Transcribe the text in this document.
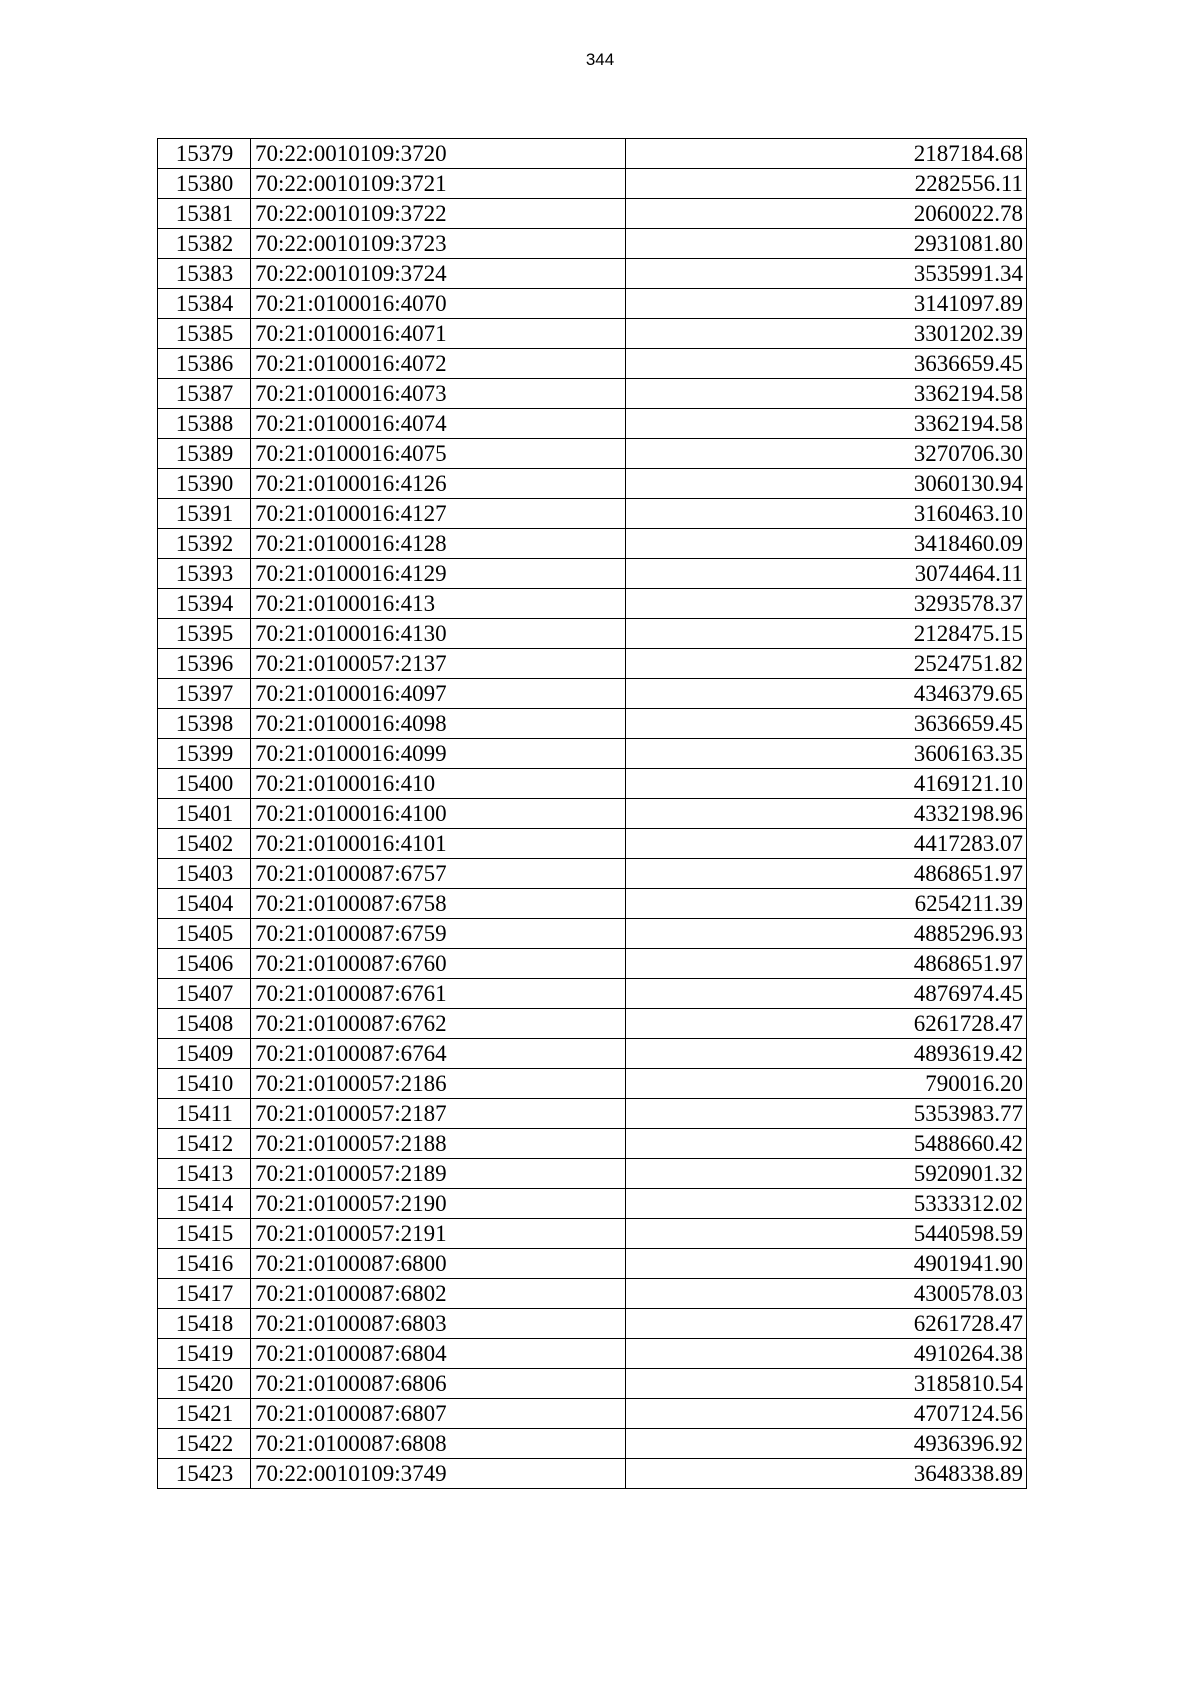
344
15379	70:22:0010109:3720	2187184.68
15380	70:22:0010109:3721	2282556.11
15381	70:22:0010109:3722	2060022.78
15382	70:22:0010109:3723	2931081.80
15383	70:22:0010109:3724	3535991.34
15384	70:21:0100016:4070	3141097.89
15385	70:21:0100016:4071	3301202.39
15386	70:21:0100016:4072	3636659.45
15387	70:21:0100016:4073	3362194.58
15388	70:21:0100016:4074	3362194.58
15389	70:21:0100016:4075	3270706.30
15390	70:21:0100016:4126	3060130.94
15391	70:21:0100016:4127	3160463.10
15392	70:21:0100016:4128	3418460.09
15393	70:21:0100016:4129	3074464.11
15394	70:21:0100016:413	3293578.37
15395	70:21:0100016:4130	2128475.15
15396	70:21:0100057:2137	2524751.82
15397	70:21:0100016:4097	4346379.65
15398	70:21:0100016:4098	3636659.45
15399	70:21:0100016:4099	3606163.35
15400	70:21:0100016:410	4169121.10
15401	70:21:0100016:4100	4332198.96
15402	70:21:0100016:4101	4417283.07
15403	70:21:0100087:6757	4868651.97
15404	70:21:0100087:6758	6254211.39
15405	70:21:0100087:6759	4885296.93
15406	70:21:0100087:6760	4868651.97
15407	70:21:0100087:6761	4876974.45
15408	70:21:0100087:6762	6261728.47
15409	70:21:0100087:6764	4893619.42
15410	70:21:0100057:2186	790016.20
15411	70:21:0100057:2187	5353983.77
15412	70:21:0100057:2188	5488660.42
15413	70:21:0100057:2189	5920901.32
15414	70:21:0100057:2190	5333312.02
15415	70:21:0100057:2191	5440598.59
15416	70:21:0100087:6800	4901941.90
15417	70:21:0100087:6802	4300578.03
15418	70:21:0100087:6803	6261728.47
15419	70:21:0100087:6804	4910264.38
15420	70:21:0100087:6806	3185810.54
15421	70:21:0100087:6807	4707124.56
15422	70:21:0100087:6808	4936396.92
15423	70:22:0010109:3749	3648338.89
